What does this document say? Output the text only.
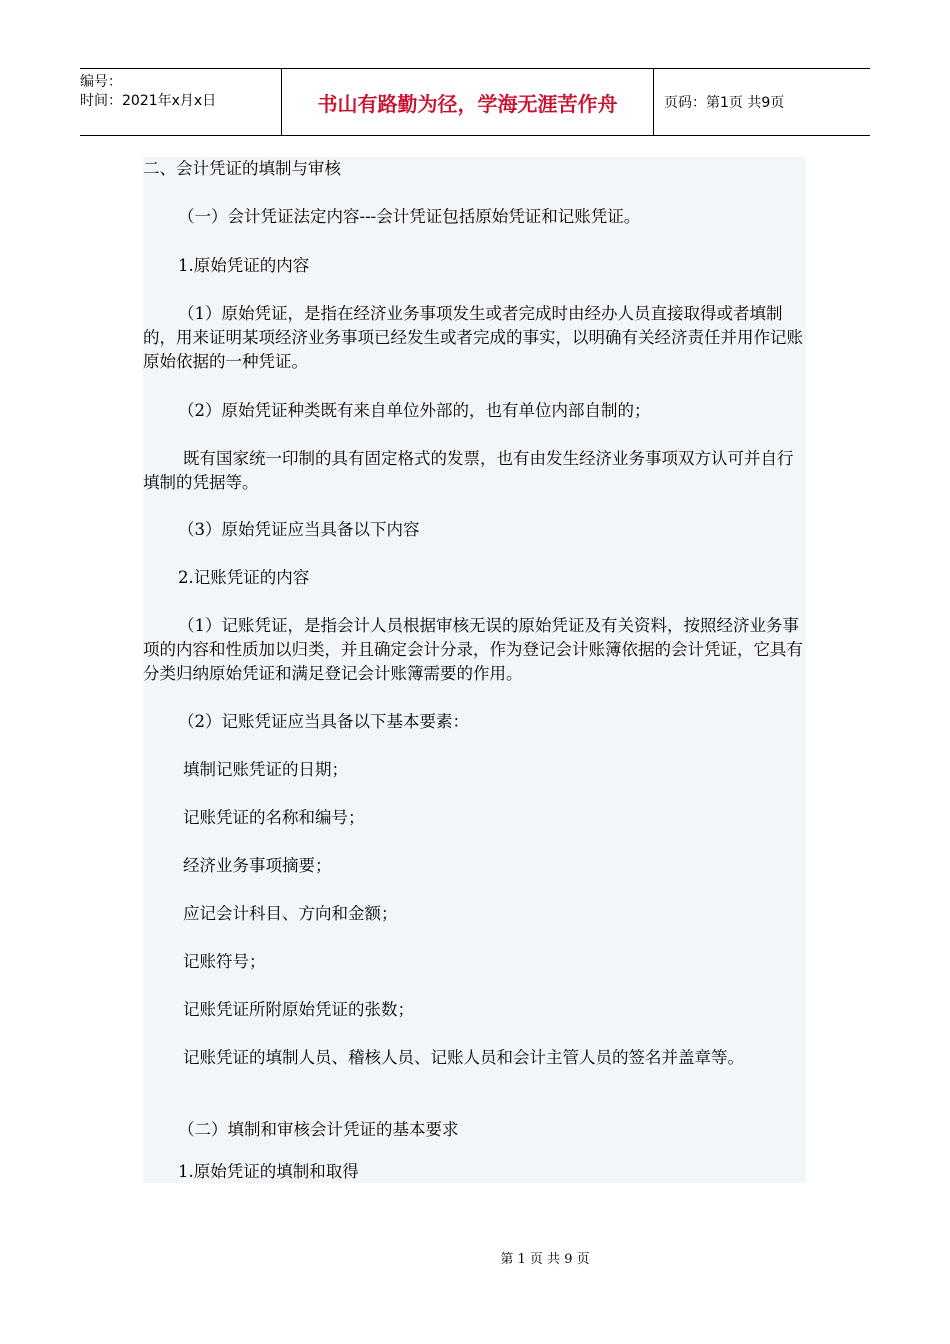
编号：
时间：2021年x月x日	书山有路勤为径，学海无涯苦作舟	页码：第1页 共9页

二、会计凭证的填制与审核

（一）会计凭证法定内容---会计凭证包括原始凭证和记账凭证。

1.原始凭证的内容

（1）原始凭证，是指在经济业务事项发生或者完成时由经办人员直接取得或者填制的，用来证明某项经济业务事项已经发生或者完成的事实，以明确有关经济责任并用作记账原始依据的一种凭证。

（2）原始凭证种类既有来自单位外部的，也有单位内部自制的；

既有国家统一印制的具有固定格式的发票，也有由发生经济业务事项双方认可并自行填制的凭据等。

（3）原始凭证应当具备以下内容

2.记账凭证的内容

（1）记账凭证，是指会计人员根据审核无误的原始凭证及有关资料，按照经济业务事项的内容和性质加以归类，并且确定会计分录，作为登记会计账簿依据的会计凭证，它具有分类归纳原始凭证和满足登记会计账簿需要的作用。

（2）记账凭证应当具备以下基本要素：

填制记账凭证的日期；

记账凭证的名称和编号；

经济业务事项摘要；

应记会计科目、方向和金额；

记账符号；

记账凭证所附原始凭证的张数；

记账凭证的填制人员、稽核人员、记账人员和会计主管人员的签名并盖章等。

（二）填制和审核会计凭证的基本要求

1.原始凭证的填制和取得

第 1 页 共 9 页
